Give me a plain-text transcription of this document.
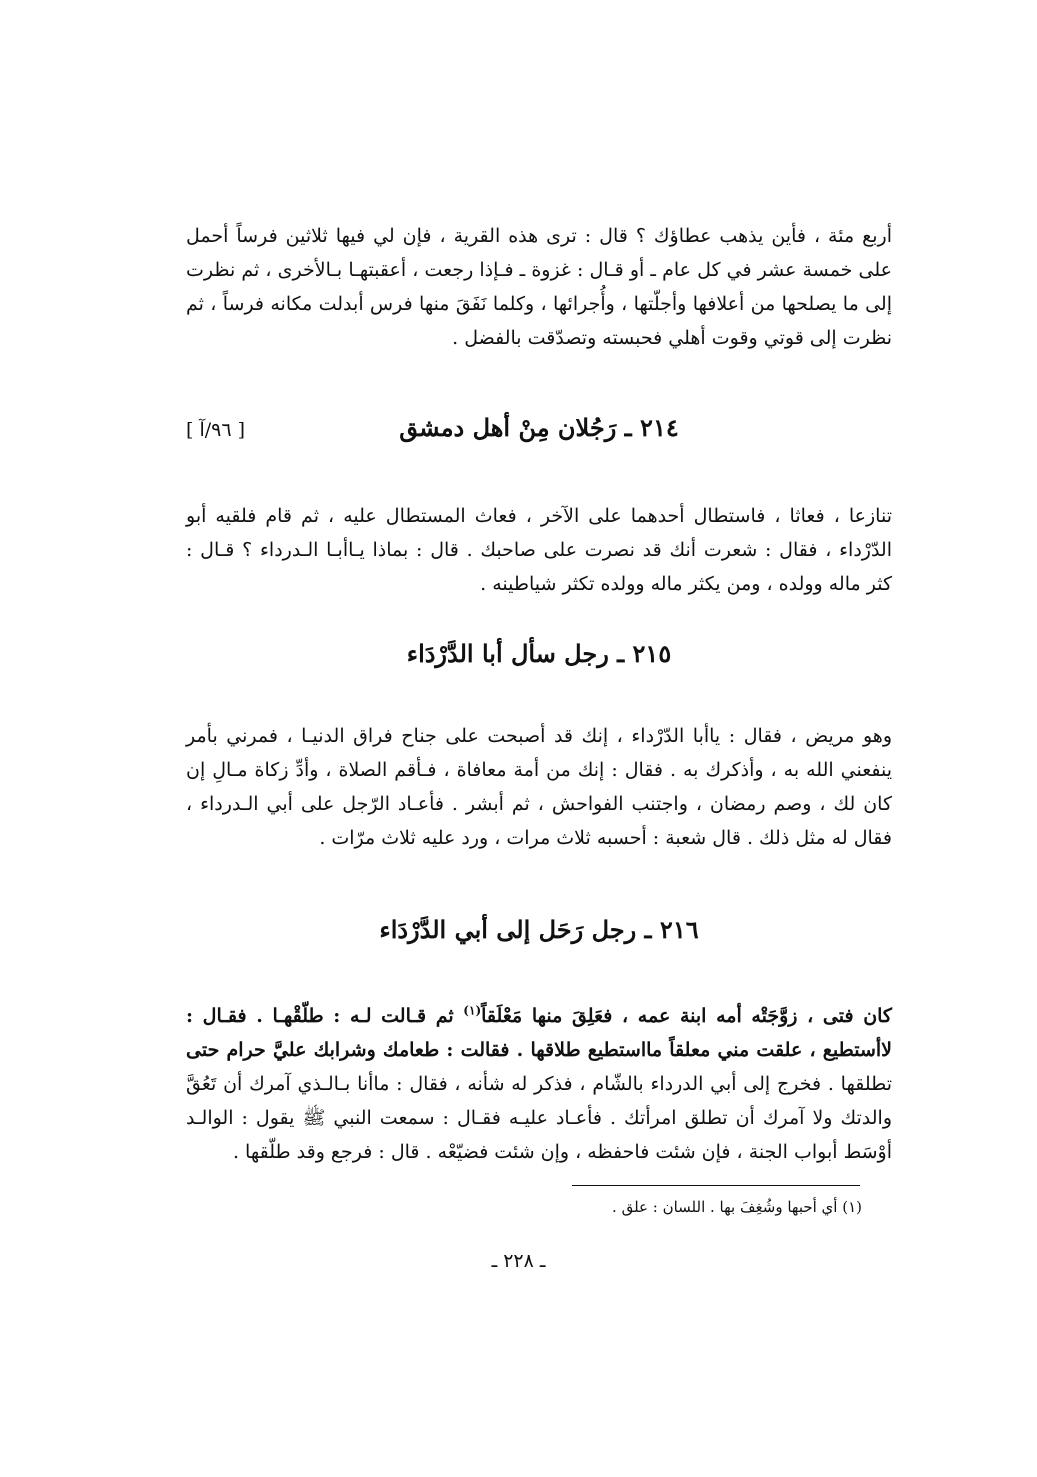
أربع مئة ، فأين يذهب عطاؤك ؟ قال : ترى هذه القرية ، فإن لي فيها ثلاثين فرساً أحمل على خمسة عشر في كل عام ـ أو قـال : غزوة ـ فـإذا رجعت ، أعقبتهـا بـالأخرى ، ثم نظرت إلى ما يصلحها من أعلافها وأجلّتها ، وأُجرائها ، وكلما نَفَقَ منها فرس أبدلت مكانه فرساً ، ثم نظرت إلى قوتي وقوت أهلي فحبسته وتصدّقت بالفضل .

٢١٤ ـ رَجُلان مِنْ أهل دمشق
[ ٩٦/آ ]

تنازعا ، فعاثا ، فاستطال أحدهما على الآخر ، فعاث المستطال عليه ، ثم قام فلقيه أبو الدّرْداء ، فقال : شعرت أنك قد نصرت على صاحبك . قال : بماذا يـاأبـا الـدرداء ؟ قـال : كثر ماله وولده ، ومن يكثر ماله وولده تكثر شياطينه .

٢١٥ ـ رجل سأل أبا الدَّرْدَاء

وهو مريض ، فقال : ياأبا الدّرْداء ، إنك قد أصبحت على جناح فراق الدنيـا ، فمرني بأمر ينفعني الله به ، وأذكرك به . فقال : إنك من أمة معافاة ، فـأقم الصلاة ، وأدِّ زكاة مـالِ إن كان لك ، وصم رمضان ، واجتنب الفواحش ، ثم أبشر . فأعـاد الرّجل على أبي الـدرداء ، فقال له مثل ذلك . قال شعبة : أحسبه ثلاث مرات ، ورد عليه ثلاث مرّات .

٢١٦ ـ رجل رَحَل إلى أبي الدَّرْدَاء

كان فتى ، زوَّجَتْه أمه ابنة عمه ، فعَلِقَ منها مَعْلَقاً$^{(١)}$ ثم قـالت لـه : طلّقْهـا . فقـال : لاأستطيع ، علقت مني معلقاً مااستطيع طلاقها . فقالت : طعامك وشرابك عليَّ حرام حتى تطلقها . فخرج إلى أبي الدرداء بالشّام ، فذكر له شأنه ، فقال : ماأنا بـالـذي آمرك أن تَعُقَّ والدتك ولا آمرك أن تطلق امرأتك . فأعـاد عليـه فقـال : سمعت النبي ﷺ يقول : الوالـد أوْسَط أبواب الجنة ، فإن شئت فاحفظه ، وإن شئت فضيّعْه . قال : فرجع وقد طلّقها .

(١) أي أحبها وشُغِفَ بها . اللسان : علق .
ـ ٢٢٨ ـ
